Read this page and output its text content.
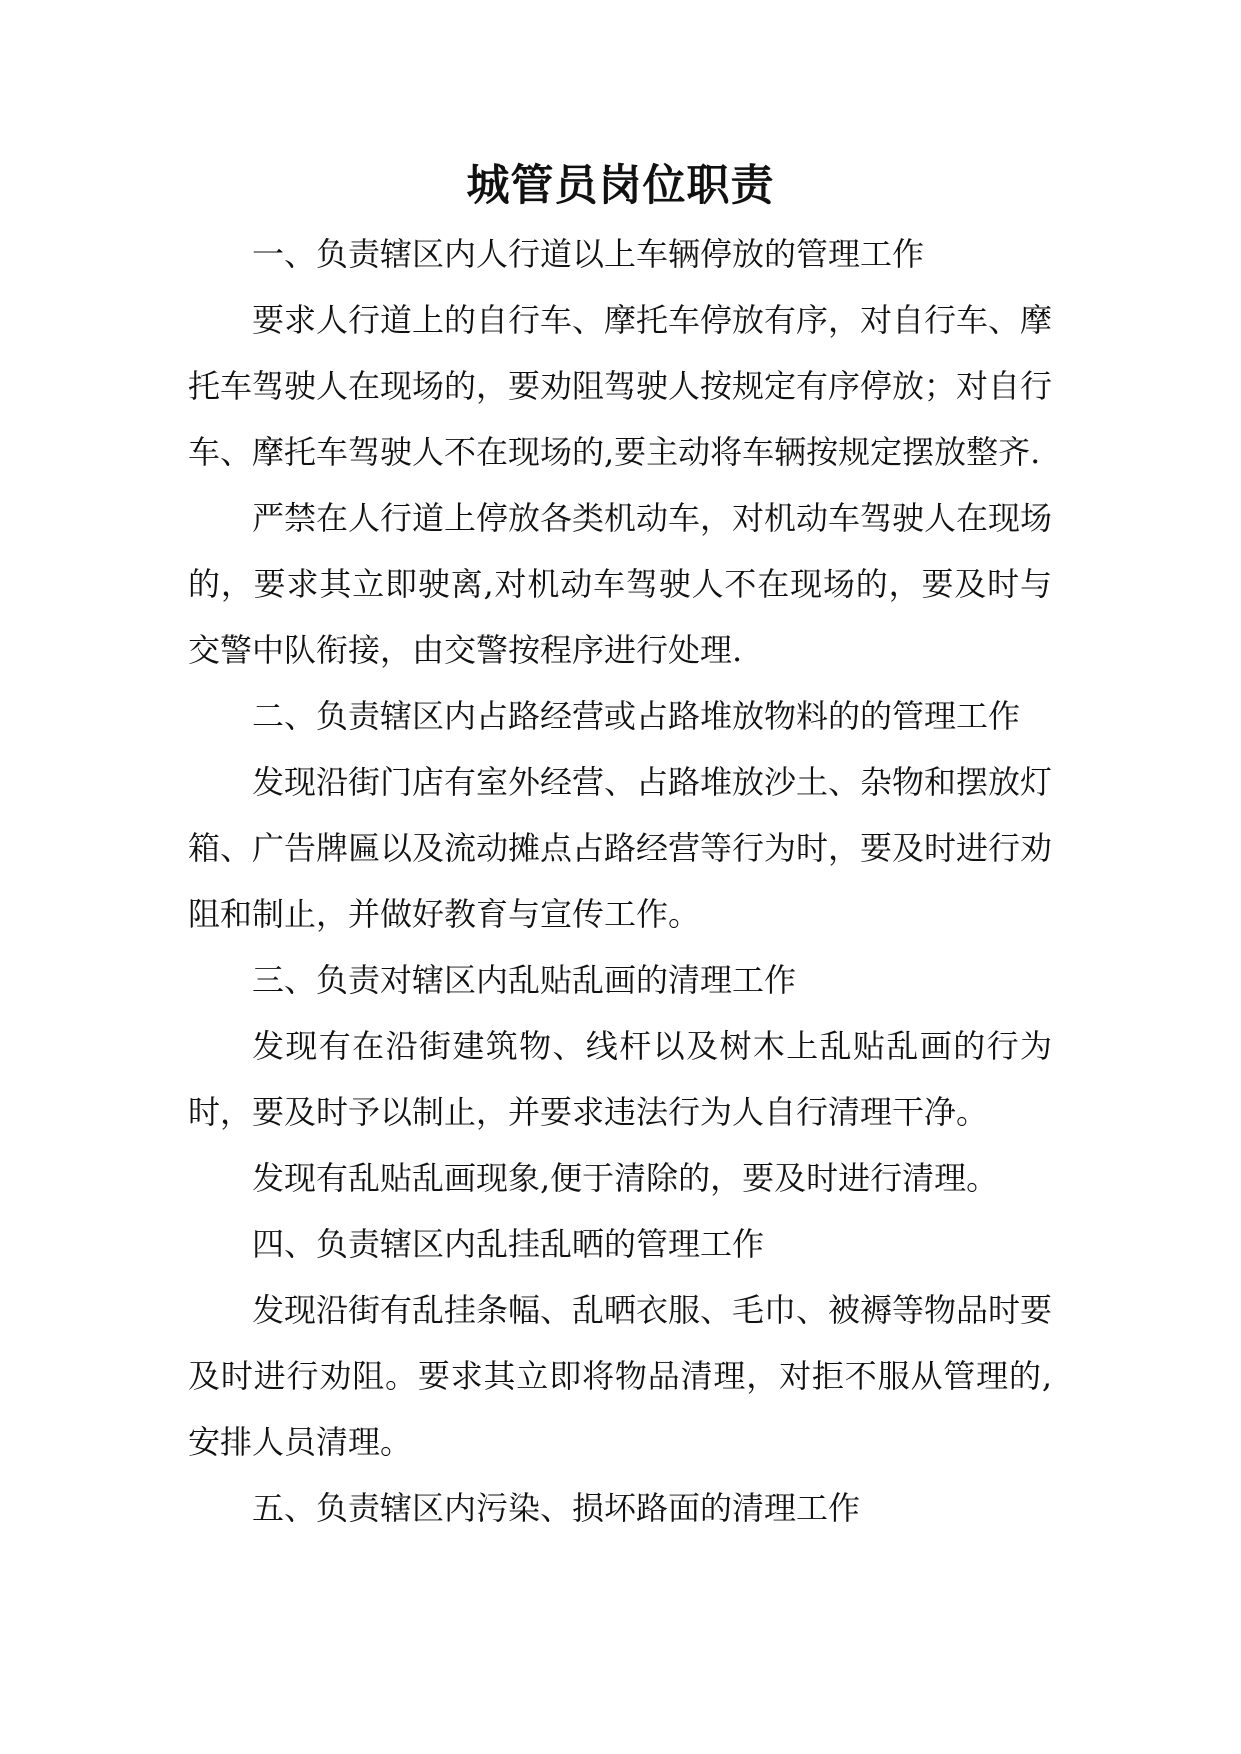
城管员岗位职责

一、负责辖区内人行道以上车辆停放的管理工作

要求人行道上的自行车、摩托车停放有序，对自行车、摩托车驾驶人在现场的，要劝阻驾驶人按规定有序停放；对自行车、摩托车驾驶人不在现场的,要主动将车辆按规定摆放整齐.

严禁在人行道上停放各类机动车，对机动车驾驶人在现场的，要求其立即驶离,对机动车驾驶人不在现场的，要及时与交警中队衔接，由交警按程序进行处理.

二、负责辖区内占路经营或占路堆放物料的的管理工作

发现沿街门店有室外经营、占路堆放沙土、杂物和摆放灯箱、广告牌匾以及流动摊点占路经营等行为时，要及时进行劝阻和制止，并做好教育与宣传工作。

三、负责对辖区内乱贴乱画的清理工作

发现有在沿街建筑物、线杆以及树木上乱贴乱画的行为时，要及时予以制止，并要求违法行为人自行清理干净。

发现有乱贴乱画现象,便于清除的，要及时进行清理。

四、负责辖区内乱挂乱晒的管理工作

发现沿街有乱挂条幅、乱晒衣服、毛巾、被褥等物品时要及时进行劝阻。要求其立即将物品清理，对拒不服从管理的,安排人员清理。

五、负责辖区内污染、损坏路面的清理工作
